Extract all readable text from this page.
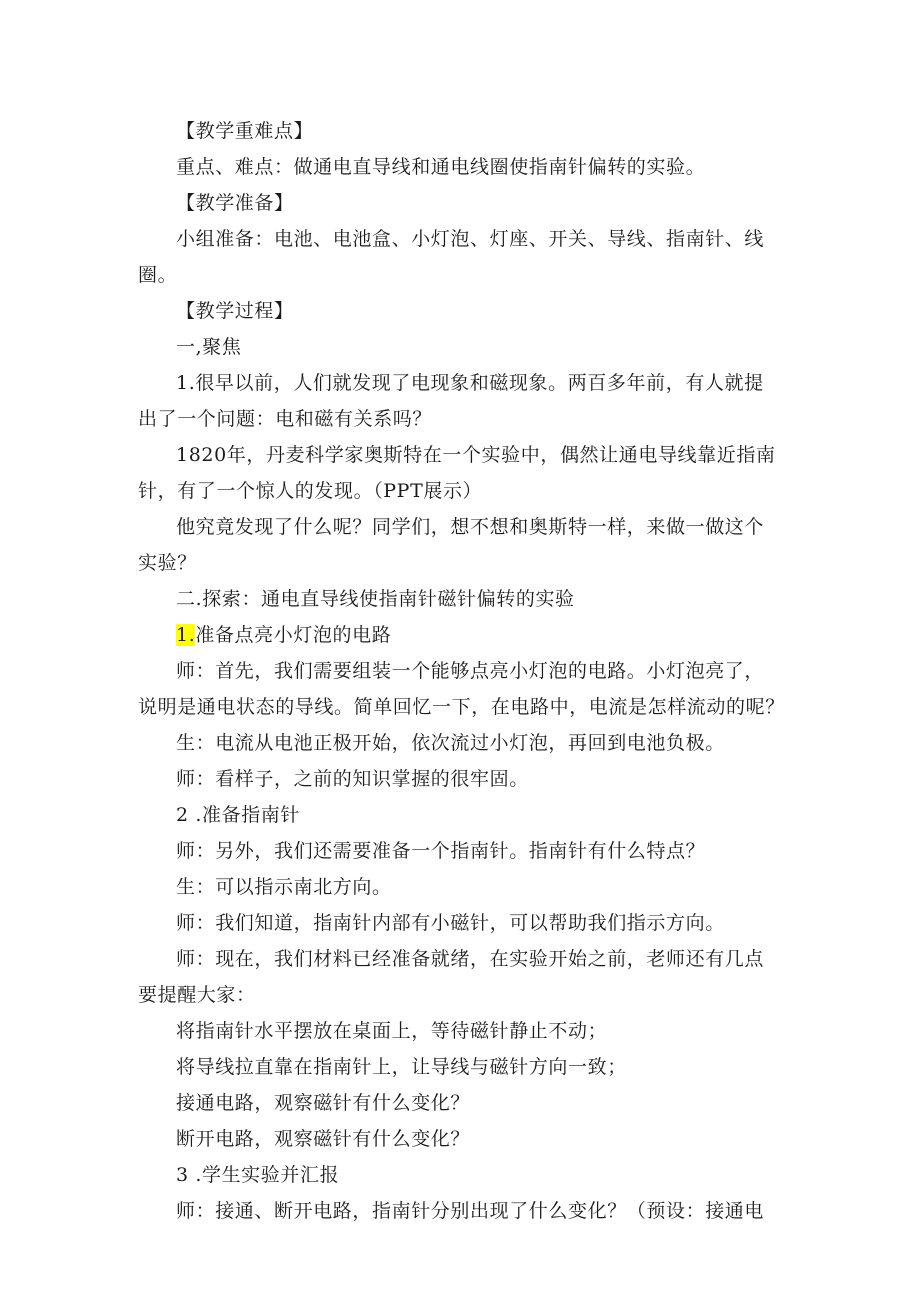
【教学重难点】
重点、难点：做通电直导线和通电线圈使指南针偏转的实验。
【教学准备】
小组准备：电池、电池盒、小灯泡、灯座、开关、导线、指南针、线
圈。
【教学过程】
一,聚焦
1.很早以前，人们就发现了电现象和磁现象。两百多年前，有人就提
出了一个问题：电和磁有关系吗？
1820年，丹麦科学家奥斯特在一个实验中，偶然让通电导线靠近指南
针，有了一个惊人的发现。（PPT展示）
他究竟发现了什么呢？同学们，想不想和奥斯特一样，来做一做这个
实验？
二.探索：通电直导线使指南针磁针偏转的实验
1.准备点亮小灯泡的电路
师：首先，我们需要组装一个能够点亮小灯泡的电路。小灯泡亮了，
说明是通电状态的导线。简单回忆一下，在电路中，电流是怎样流动的呢？
生：电流从电池正极开始，依次流过小灯泡，再回到电池负极。
师：看样子，之前的知识掌握的很牢固。
2 .准备指南针
师：另外，我们还需要准备一个指南针。指南针有什么特点？
生：可以指示南北方向。
师：我们知道，指南针内部有小磁针，可以帮助我们指示方向。
师：现在，我们材料已经准备就绪，在实验开始之前，老师还有几点
要提醒大家：
将指南针水平摆放在桌面上，等待磁针静止不动；
将导线拉直靠在指南针上，让导线与磁针方向一致；
接通电路，观察磁针有什么变化？
断开电路，观察磁针有什么变化？
3 .学生实验并汇报
师：接通、断开电路，指南针分别出现了什么变化？（预设：接通电
